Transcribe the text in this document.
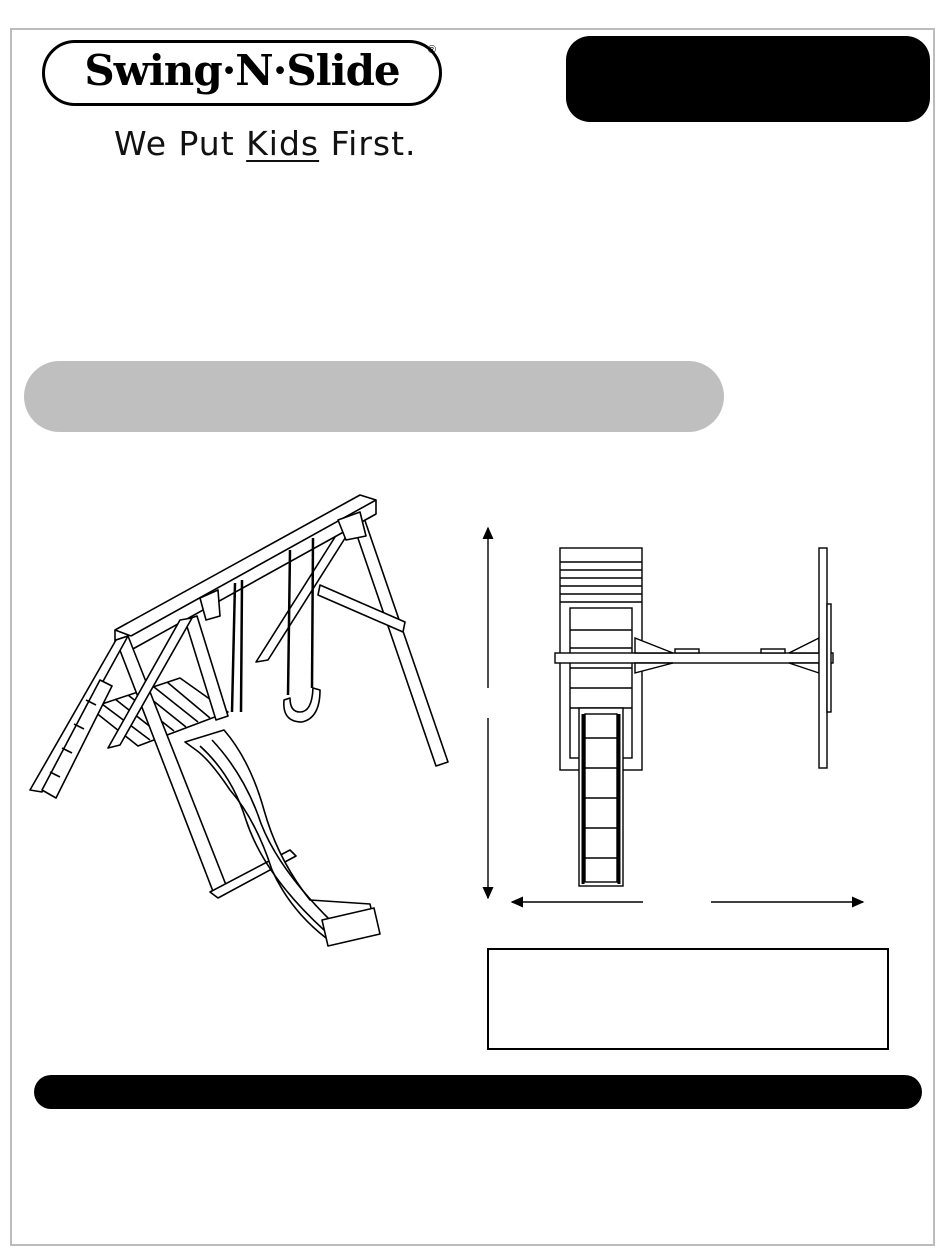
Swing·N·Slide	®
We Put Kids First.
